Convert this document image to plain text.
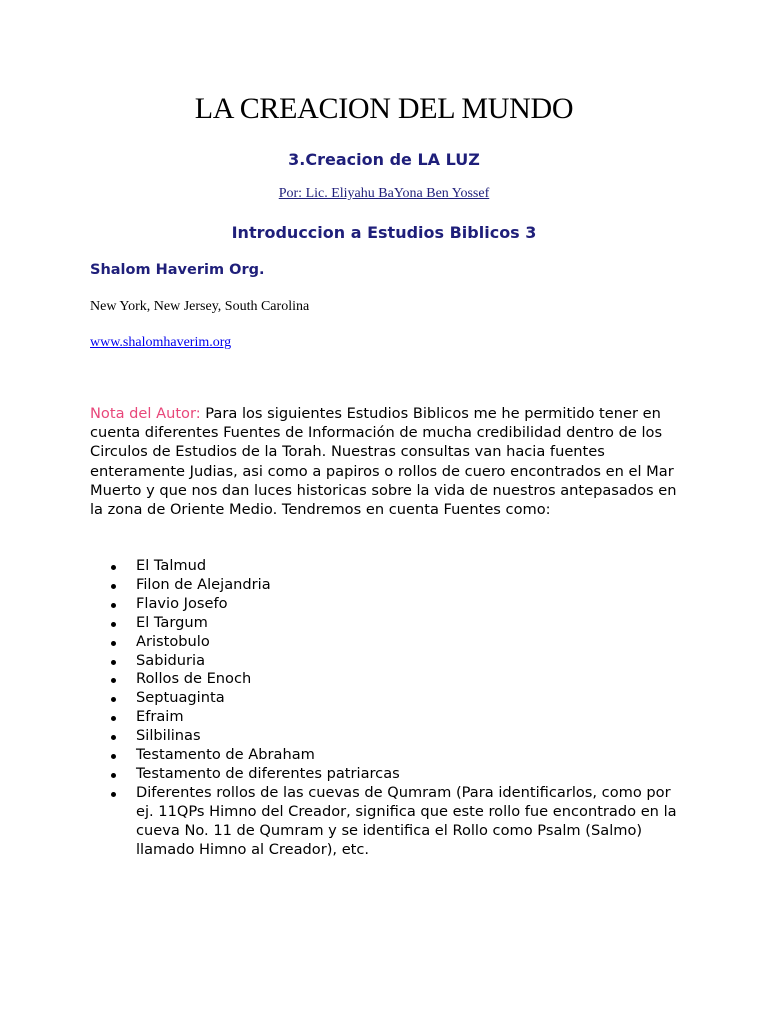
LA CREACION DEL MUNDO
3.Creacion de LA LUZ

Por: Lic. Eliyahu BaYona Ben Yossef

Introduccion a Estudios Biblicos 3

Shalom Haverim Org.

New York, New Jersey, South Carolina

www.shalomhaverim.org

Nota del Autor: Para los siguientes Estudios Biblicos me he permitido tener en cuenta diferentes Fuentes de Información de mucha credibilidad dentro de los Circulos de Estudios de la Torah. Nuestras consultas van hacia fuentes enteramente Judias, asi como a papiros o rollos de cuero encontrados en el Mar Muerto y que nos dan luces historicas sobre la vida de nuestros antepasados en la zona de Oriente Medio. Tendremos en cuenta Fuentes como:

El Talmud
Filon de Alejandria
Flavio Josefo
El Targum
Aristobulo
Sabiduria
Rollos de Enoch
Septuaginta
Efraim
Silbilinas
Testamento de Abraham
Testamento de diferentes patriarcas
Diferentes rollos de las cuevas de Qumram (Para identificarlos, como por ej. 11QPs Himno del Creador, significa que este rollo fue encontrado en la cueva No. 11 de Qumram y se identifica el Rollo como Psalm (Salmo) llamado Himno al Creador), etc.
